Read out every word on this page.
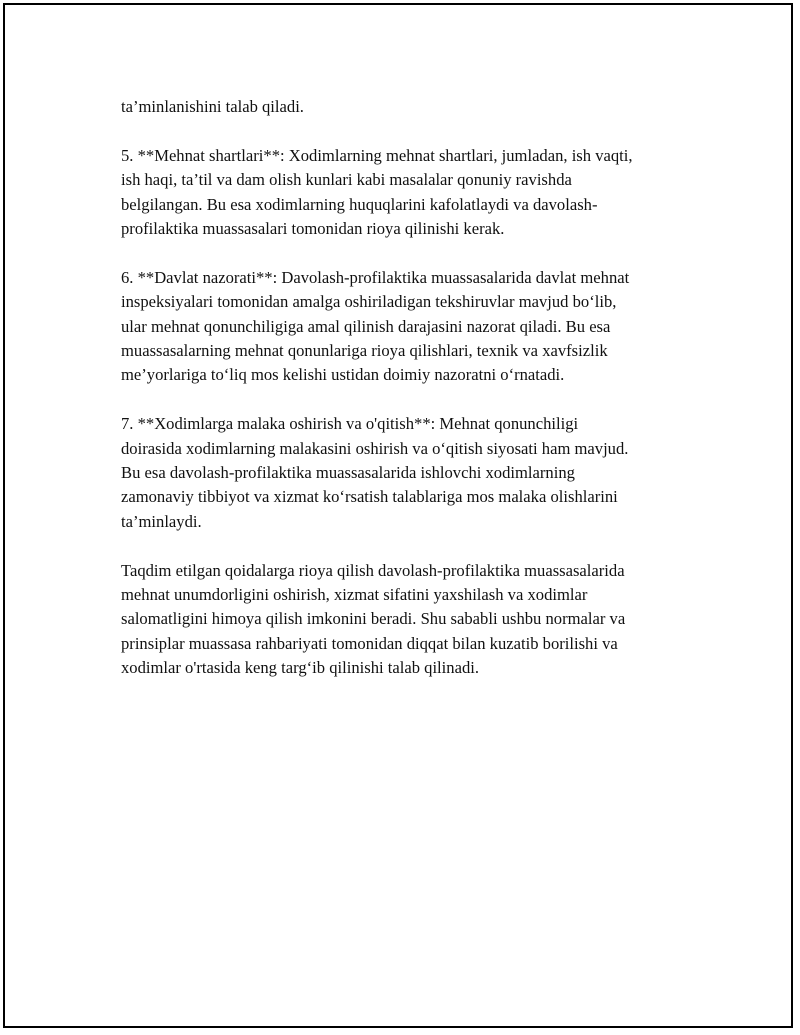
ta’minlanishini talab qiladi.

5. **Mehnat shartlari**: Xodimlarning mehnat shartlari, jumladan, ish vaqti,
ish haqi, ta’til va dam olish kunlari kabi masalalar qonuniy ravishda
belgilangan. Bu esa xodimlarning huquqlarini kafolatlaydi va davolash-
profilaktika muassasalari tomonidan rioya qilinishi kerak.

6. **Davlat nazorati**: Davolash-profilaktika muassasalarida davlat mehnat
inspeksiyalari tomonidan amalga oshiriladigan tekshiruvlar mavjud bo‘lib,
ular mehnat qonunchiligiga amal qilinish darajasini nazorat qiladi. Bu esa
muassasalarning mehnat qonunlariga rioya qilishlari, texnik va xavfsizlik
me’yorlariga to‘liq mos kelishi ustidan doimiy nazoratni o‘rnatadi.

7. **Xodimlarga malaka oshirish va o'qitish**: Mehnat qonunchiligi
doirasida xodimlarning malakasini oshirish va o‘qitish siyosati ham mavjud.
Bu esa davolash-profilaktika muassasalarida ishlovchi xodimlarning
zamonaviy tibbiyot va xizmat ko‘rsatish talablariga mos malaka olishlarini
ta’minlaydi.

Taqdim etilgan qoidalarga rioya qilish davolash-profilaktika muassasalarida
mehnat unumdorligini oshirish, xizmat sifatini yaxshilash va xodimlar
salomatligini himoya qilish imkonini beradi. Shu sababli ushbu normalar va
prinsiplar muassasa rahbariyati tomonidan diqqat bilan kuzatib borilishi va
xodimlar o'rtasida keng targ‘ib qilinishi talab qilinadi.
